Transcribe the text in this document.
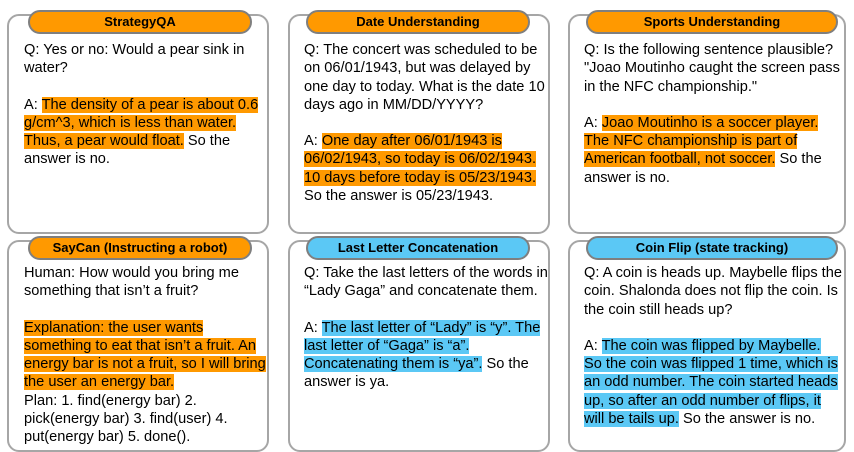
StrategyQA

Q: Yes or no: Would a pear sink in water?

A: The density of a pear is about 0.6 g/cm^3, which is less than water. Thus, a pear would float. So the answer is no.

Date Understanding

Q: The concert was scheduled to be on 06/01/1943, but was delayed by one day to today. What is the date 10 days ago in MM/DD/YYYY?

A: One day after 06/01/1943 is 06/02/1943, so today is 06/02/1943. 10 days before today is 05/23/1943. So the answer is 05/23/1943.

Sports Understanding

Q: Is the following sentence plausible? "Joao Moutinho caught the screen pass in the NFC championship."

A: Joao Moutinho is a soccer player. The NFC championship is part of American football, not soccer. So the answer is no.

SayCan (Instructing a robot)

Human: How would you bring me something that isn’t a fruit?

Explanation: the user wants something to eat that isn’t a fruit. An energy bar is not a fruit, so I will bring the user an energy bar.

Plan: 1. find(energy bar) 2. pick(energy bar) 3. find(user) 4. put(energy bar) 5. done().

Last Letter Concatenation

Q: Take the last letters of the words in “Lady Gaga” and concatenate them.

A: The last letter of “Lady” is “y”. The last letter of “Gaga” is “a”. Concatenating them is “ya”. So the answer is ya.

Coin Flip (state tracking)

Q: A coin is heads up. Maybelle flips the coin. Shalonda does not flip the coin. Is the coin still heads up?

A: The coin was flipped by Maybelle. So the coin was flipped 1 time, which is an odd number. The coin started heads up, so after an odd number of flips, it will be tails up. So the answer is no.
